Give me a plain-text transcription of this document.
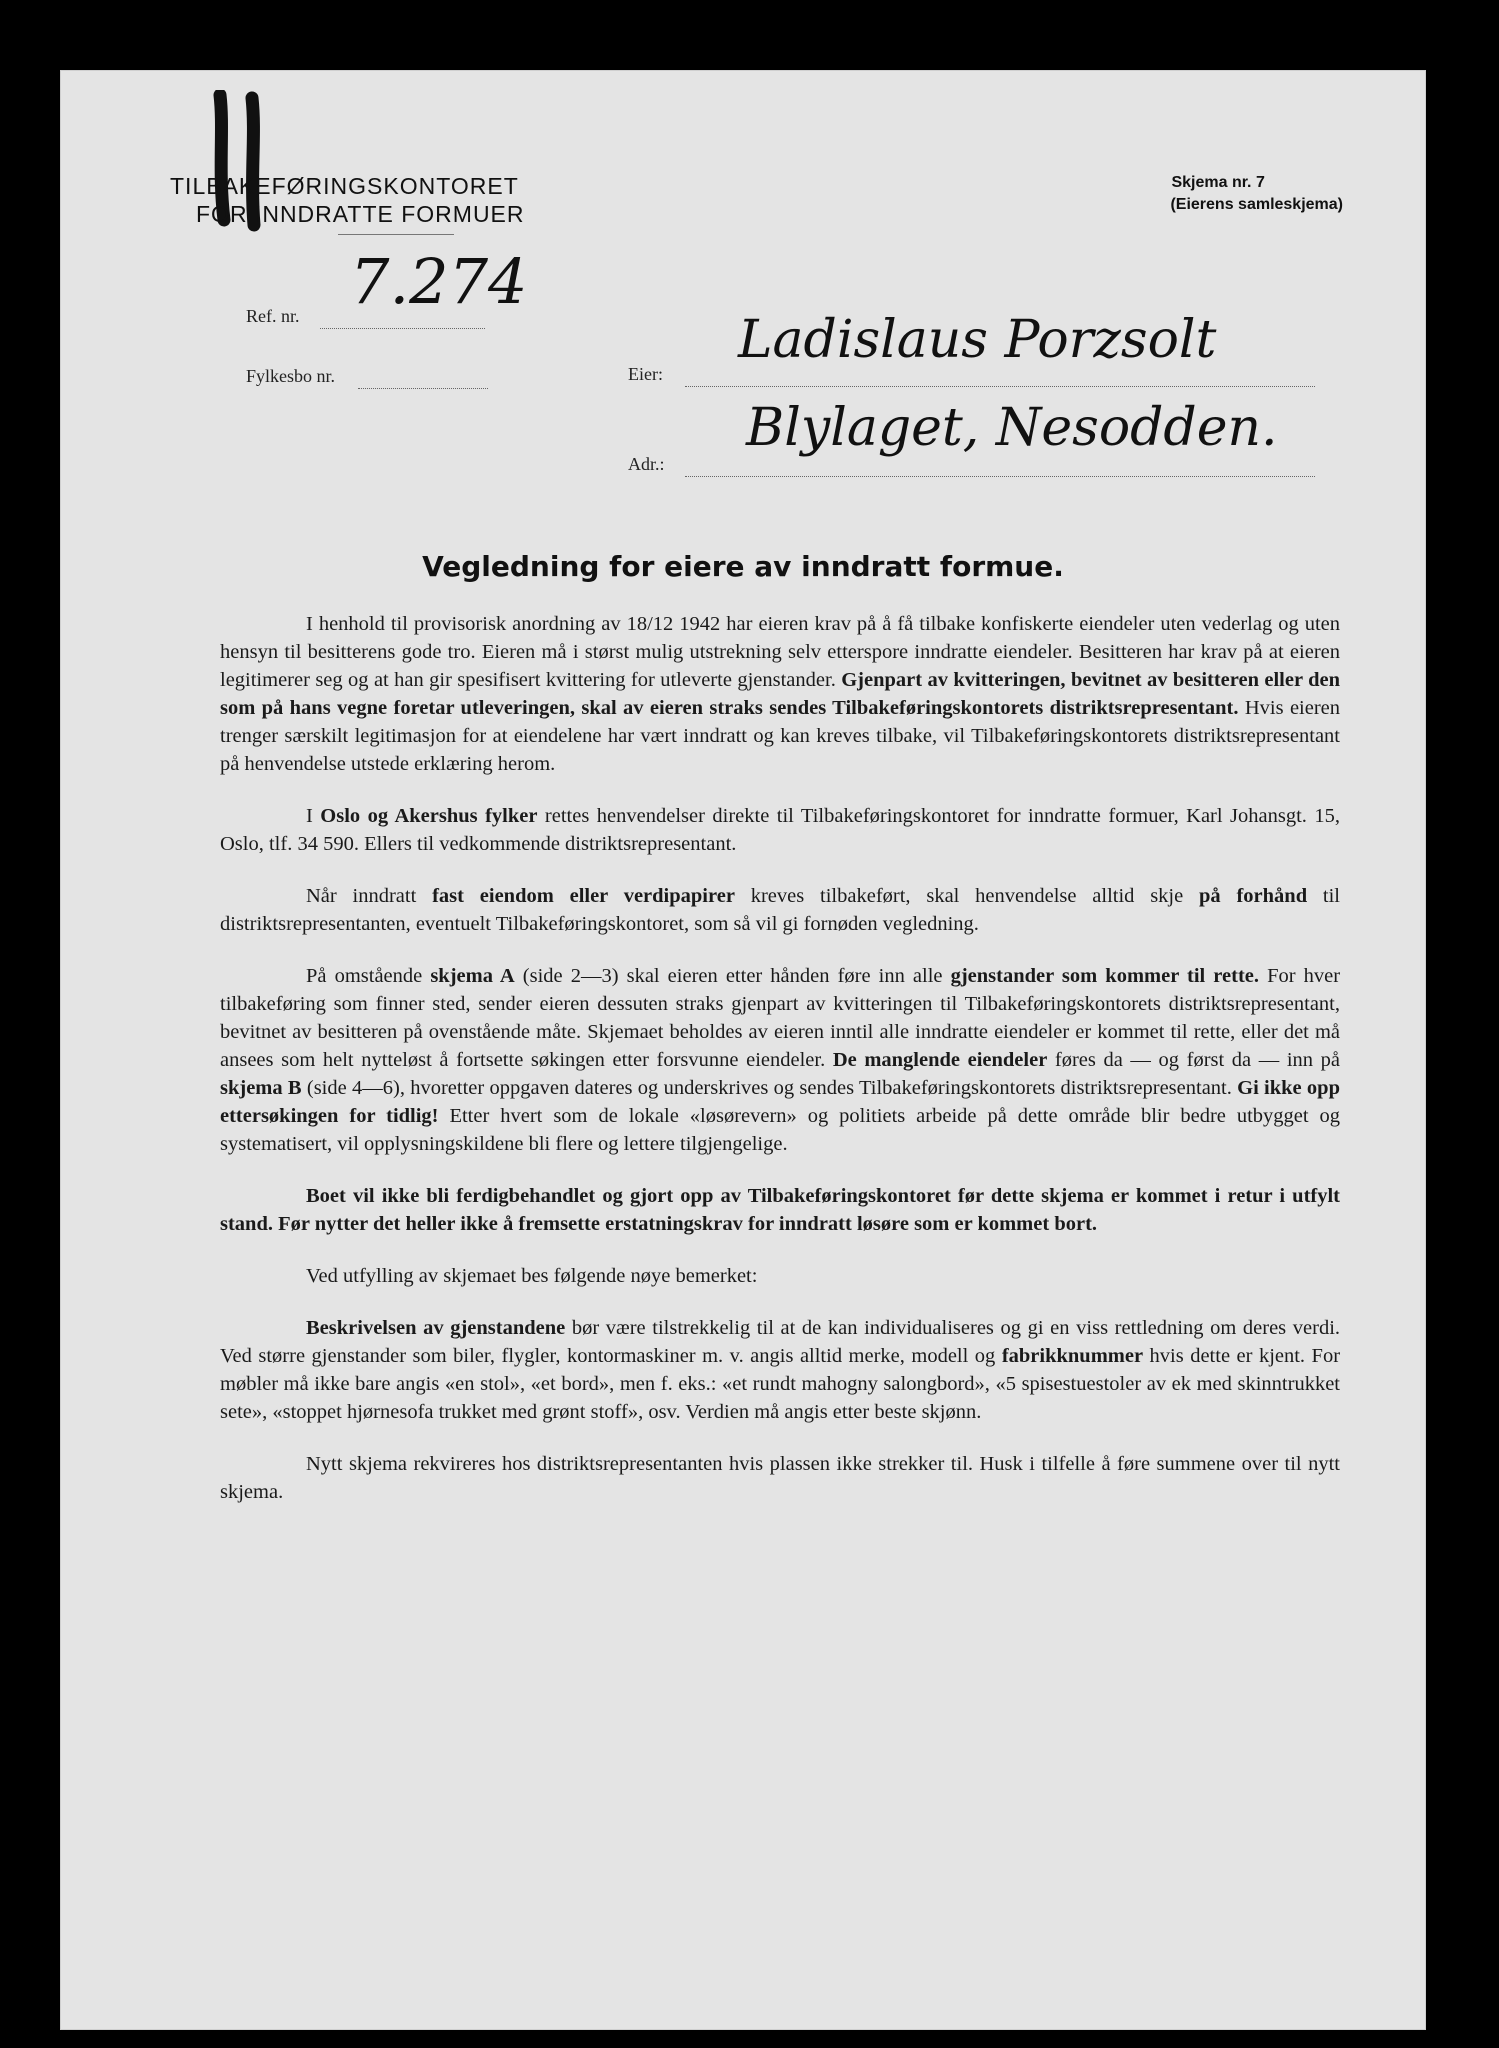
TILBAKEFØRINGSKONTORET
FOR INNDRATTE FORMUER
Skjema nr. 7
(Eierens samleskjema)
Ref. nr. 7.274
Fylkesbo nr.	Eier:
Ladislaus Porzsolt
Adr.:
Blylaget, Nesodden.
Vegledning for eiere av inndratt formue.

I henhold til provisorisk anordning av 18/12 1942 har eieren krav på å få tilbake konfiskerte eiendeler uten vederlag og uten hensyn til besitterens gode tro. Eieren må i størst mulig utstrekning selv etterspore inndratte eiendeler. Besitteren har krav på at eieren legitimerer seg og at han gir spesifisert kvittering for utleverte gjenstander. Gjenpart av kvitteringen, bevitnet av besitteren eller den som på hans vegne foretar utleveringen, skal av eieren straks sendes Tilbakeføringskontorets distriktsrepresentant. Hvis eieren trenger særskilt legitimasjon for at eiendelene har vært inndratt og kan kreves tilbake, vil Tilbakeføringskontorets distriktsrepresentant på henvendelse utstede erklæring herom.

I Oslo og Akershus fylker rettes henvendelser direkte til Tilbakeføringskontoret for inndratte formuer, Karl Johansgt. 15, Oslo, tlf. 34 590. Ellers til vedkommende distriktsrepresentant.

Når inndratt fast eiendom eller verdipapirer kreves tilbakeført, skal henvendelse alltid skje på forhånd til distriktsrepresentanten, eventuelt Tilbakeføringskontoret, som så vil gi fornøden vegledning.

På omstående skjema A (side 2—3) skal eieren etter hånden føre inn alle gjenstander som kommer til rette. For hver tilbakeføring som finner sted, sender eieren dessuten straks gjenpart av kvitteringen til Tilbakeføringskontorets distriktsrepresentant, bevitnet av besitteren på ovenstående måte. Skjemaet beholdes av eieren inntil alle inndratte eiendeler er kommet til rette, eller det må ansees som helt nytteløst å fortsette søkingen etter forsvunne eiendeler. De manglende eiendeler føres da — og først da — inn på skjema B (side 4—6), hvoretter oppgaven dateres og underskrives og sendes Tilbakeføringskontorets distriktsrepresentant. Gi ikke opp ettersøkingen for tidlig! Etter hvert som de lokale «løsørevern» og politiets arbeide på dette område blir bedre utbygget og systematisert, vil opplysningskildene bli flere og lettere tilgjengelige.

Boet vil ikke bli ferdigbehandlet og gjort opp av Tilbakeføringskontoret før dette skjema er kommet i retur i utfylt stand. Før nytter det heller ikke å fremsette erstatningskrav for inndratt løsøre som er kommet bort.

Ved utfylling av skjemaet bes følgende nøye bemerket:

Beskrivelsen av gjenstandene bør være tilstrekkelig til at de kan individualiseres og gi en viss rettledning om deres verdi. Ved større gjenstander som biler, flygler, kontormaskiner m. v. angis alltid merke, modell og fabrikknummer hvis dette er kjent. For møbler må ikke bare angis «en stol», «et bord», men f. eks.: «et rundt mahogny salongbord», «5 spisestuestoler av ek med skinntrukket sete», «stoppet hjørnesofa trukket med grønt stoff», osv. Verdien må angis etter beste skjønn.

Nytt skjema rekvireres hos distriktsrepresentanten hvis plassen ikke strekker til. Husk i tilfelle å føre summene over til nytt skjema.
